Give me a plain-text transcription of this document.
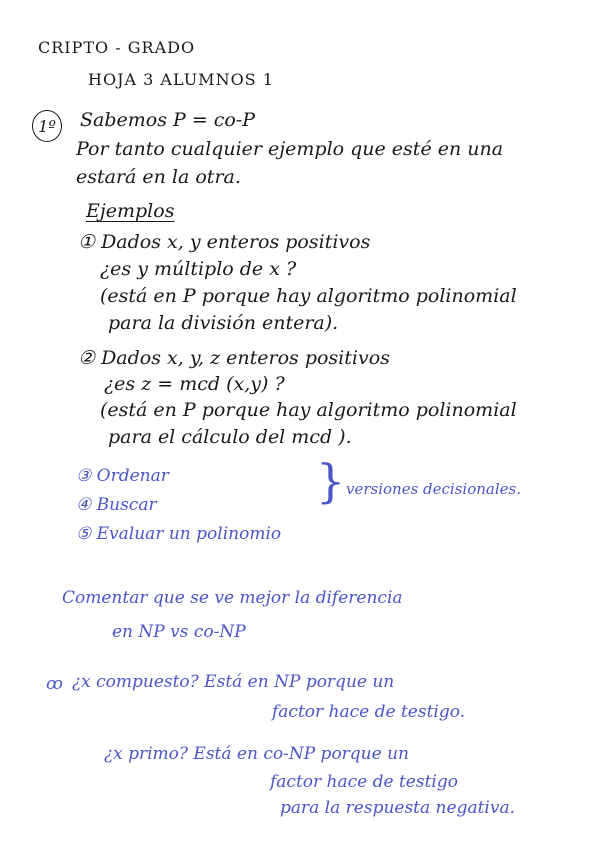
CRIPTO - GRADO
HOJA 3 ALUMNOS 1
1º	Sabemos P = co-P
Por tanto cualquier ejemplo que esté en una
estará en la otra.
Ejemplos
① Dados x, y enteros positivos
¿es y múltiplo de x ?
(está en P porque hay algoritmo polinomial
para la división entera).
② Dados x, y, z enteros positivos
¿es z = mcd (x,y) ?
(está en P porque hay algoritmo polinomial
para el cálculo del mcd ).
③ Ordenar
④ Buscar
⑤ Evaluar un polinomio
} versiones decisionales.
Comentar que se ve mejor la diferencia
en NP vs co-NP
ꝏ ¿x compuesto? Está en NP porque un
factor hace de testigo.
¿x primo? Está en co-NP porque un
factor hace de testigo
para la respuesta negativa.
